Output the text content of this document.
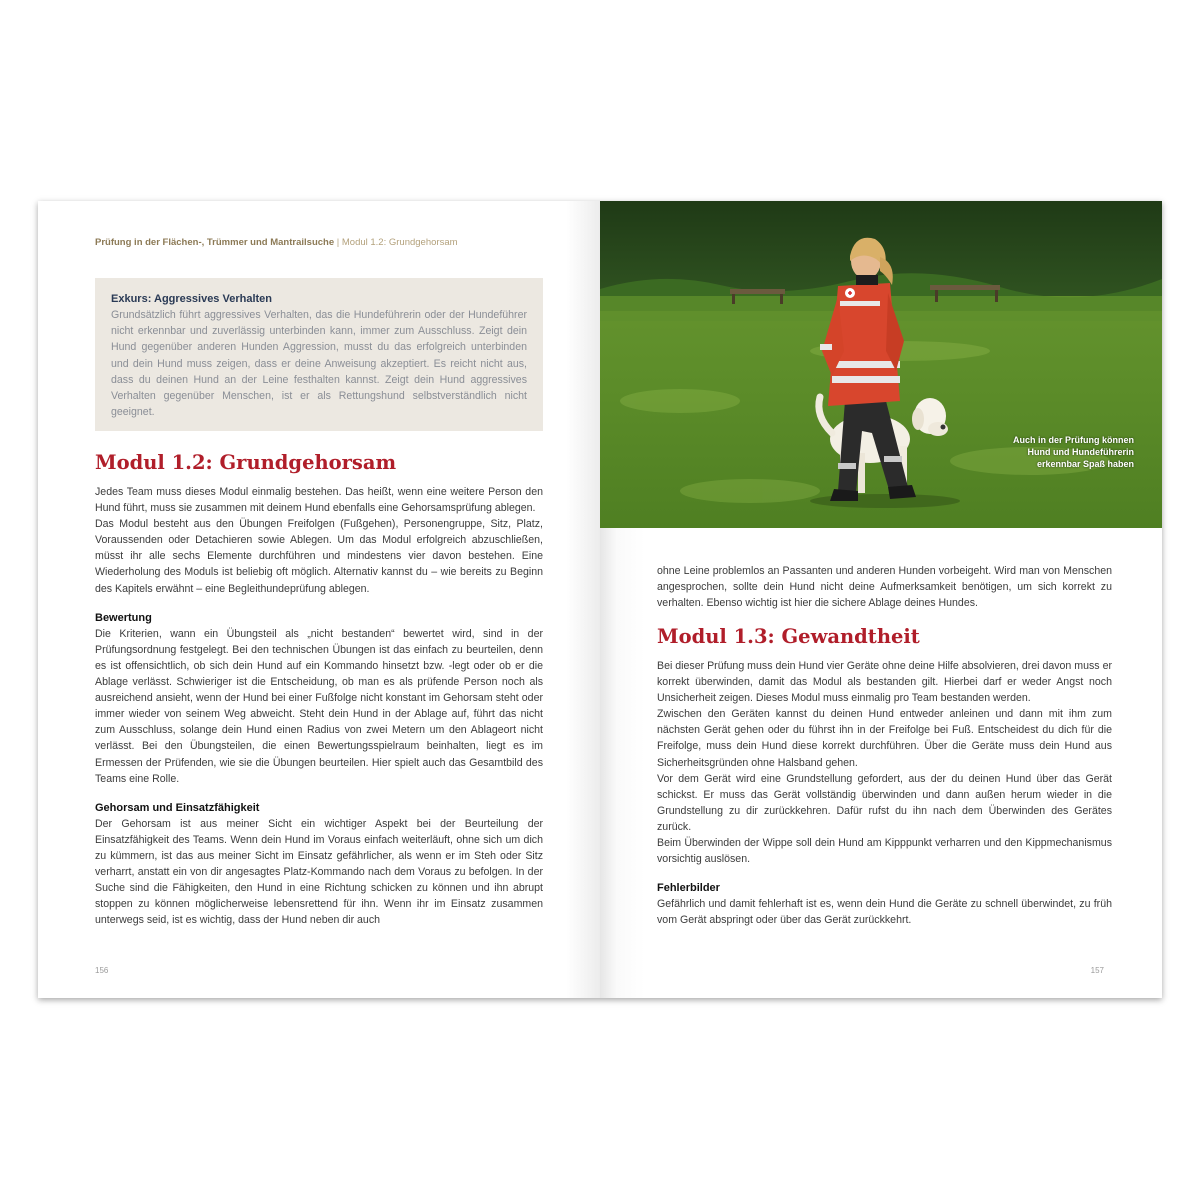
Prüfung in der Flächen-, Trümmer und Mantrailsuche | Modul 1.2: Grundgehorsam
Exkurs: Aggressives Verhalten

Grundsätzlich führt aggressives Verhalten, das die Hundeführerin oder der Hundeführer nicht erkennbar und zuverlässig unterbinden kann, immer zum Ausschluss. Zeigt dein Hund gegenüber anderen Hunden Aggression, musst du das erfolgreich unterbinden und dein Hund muss zeigen, dass er deine Anweisung akzeptiert. Es reicht nicht aus, dass du deinen Hund an der Leine festhalten kannst. Zeigt dein Hund aggressives Verhalten gegenüber Menschen, ist er als Rettungshund selbstverständlich nicht geeignet.

Modul 1.2: Grundgehorsam

Jedes Team muss dieses Modul einmalig bestehen. Das heißt, wenn eine weitere Person den Hund führt, muss sie zusammen mit deinem Hund ebenfalls eine Gehorsamsprüfung ablegen.

Das Modul besteht aus den Übungen Freifolgen (Fußgehen), Personengruppe, Sitz, Platz, Voraussenden oder Detachieren sowie Ablegen. Um das Modul erfolgreich abzuschließen, müsst ihr alle sechs Elemente durchführen und mindestens vier davon bestehen. Eine Wiederholung des Moduls ist beliebig oft möglich. Alternativ kannst du – wie bereits zu Beginn des Kapitels erwähnt – eine Begleithundeprüfung ablegen.

Bewertung

Die Kriterien, wann ein Übungsteil als „nicht bestanden“ bewertet wird, sind in der Prüfungsordnung festgelegt. Bei den technischen Übungen ist das einfach zu beurteilen, denn es ist offensichtlich, ob sich dein Hund auf ein Kommando hinsetzt bzw. -legt oder ob er die Ablage verlässt. Schwieriger ist die Entscheidung, ob man es als prüfende Person noch als ausreichend ansieht, wenn der Hund bei einer Fußfolge nicht konstant im Gehorsam steht oder immer wieder von seinem Weg abweicht. Steht dein Hund in der Ablage auf, führt das nicht zum Ausschluss, solange dein Hund einen Radius von zwei Metern um den Ablageort nicht verlässt. Bei den Übungsteilen, die einen Bewertungsspielraum beinhalten, liegt es im Ermessen der Prüfenden, wie sie die Übungen beurteilen. Hier spielt auch das Gesamtbild des Teams eine Rolle.

Gehorsam und Einsatzfähigkeit

Der Gehorsam ist aus meiner Sicht ein wichtiger Aspekt bei der Beurteilung der Einsatzfähigkeit des Teams. Wenn dein Hund im Voraus einfach weiterläuft, ohne sich um dich zu kümmern, ist das aus meiner Sicht im Einsatz gefährlicher, als wenn er im Steh oder Sitz verharrt, anstatt ein von dir angesagtes Platz-Kommando nach dem Voraus zu befolgen. In der Suche sind die Fähigkeiten, den Hund in eine Richtung schicken zu können und ihn abrupt stoppen zu können möglicherweise lebensrettend für ihn. Wenn ihr im Einsatz zusammen unterwegs seid, ist es wichtig, dass der Hund neben dir auch

156
Auch in der Prüfung können
Hund und Hundeführerin
erkennbar Spaß haben

ohne Leine problemlos an Passanten und anderen Hunden vorbeigeht. Wird man von Menschen angesprochen, sollte dein Hund nicht deine Aufmerksamkeit benötigen, um sich korrekt zu verhalten. Ebenso wichtig ist hier die sichere Ablage deines Hundes.

Modul 1.3: Gewandtheit

Bei dieser Prüfung muss dein Hund vier Geräte ohne deine Hilfe absolvieren, drei davon muss er korrekt überwinden, damit das Modul als bestanden gilt. Hierbei darf er weder Angst noch Unsicherheit zeigen. Dieses Modul muss einmalig pro Team bestanden werden.

Zwischen den Geräten kannst du deinen Hund entweder anleinen und dann mit ihm zum nächsten Gerät gehen oder du führst ihn in der Freifolge bei Fuß. Entscheidest du dich für die Freifolge, muss dein Hund diese korrekt durchführen. Über die Geräte muss dein Hund aus Sicherheitsgründen ohne Halsband gehen.

Vor dem Gerät wird eine Grundstellung gefordert, aus der du deinen Hund über das Gerät schickst. Er muss das Gerät vollständig überwinden und dann außen herum wieder in die Grundstellung zu dir zurückkehren. Dafür rufst du ihn nach dem Überwinden des Gerätes zurück.

Beim Überwinden der Wippe soll dein Hund am Kipppunkt verharren und den Kippmechanismus vorsichtig auslösen.

Fehlerbilder

Gefährlich und damit fehlerhaft ist es, wenn dein Hund die Geräte zu schnell überwindet, zu früh vom Gerät abspringt oder über das Gerät zurückkehrt.

157
